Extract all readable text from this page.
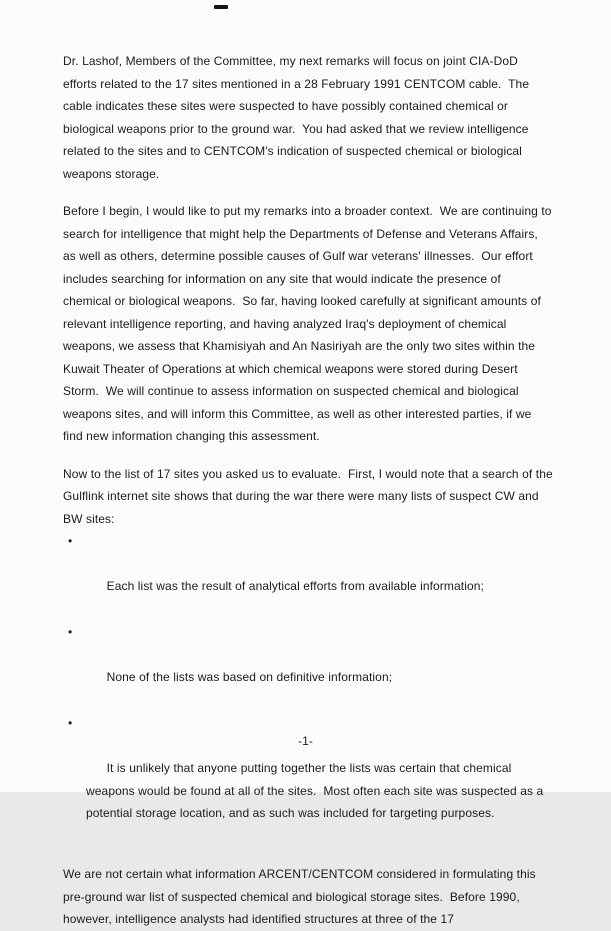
Dr. Lashof, Members of the Committee, my next remarks will focus on joint CIA-DoD efforts related to the 17 sites mentioned in a 28 February 1991 CENTCOM cable.  The cable indicates these sites were suspected to have possibly contained chemical or biological weapons prior to the ground war.  You had asked that we review intelligence related to the sites and to CENTCOM's indication of suspected chemical or biological weapons storage.

Before I begin, I would like to put my remarks into a broader context.  We are continuing to search for intelligence that might help the Departments of Defense and Veterans Affairs, as well as others, determine possible causes of Gulf war veterans' illnesses.  Our effort includes searching for information on any site that would indicate the presence of  chemical or biological weapons.  So far, having looked carefully at significant amounts of relevant intelligence reporting, and having analyzed Iraq's deployment of chemical weapons, we assess that Khamisiyah and An Nasiriyah are the only two sites within the Kuwait Theater of Operations at which chemical weapons were stored during Desert Storm.  We will continue to assess information on suspected chemical and biological weapons sites, and will inform this Committee, as well as other interested parties, if we find new information changing this assessment.

Now to the list of 17 sites you asked us to evaluate.  First, I would note that a search of the Gulflink internet site shows that during the war there were many lists of suspect CW and BW sites:

•

Each list was the result of analytical efforts from available information;

•

None of the lists was based on definitive information;

•

It is unlikely that anyone putting together the lists was certain that chemical weapons would be found at all of the sites.  Most often each site was suspected as a potential storage location, and as such was included for targeting purposes.

We are not certain what information ARCENT/CENTCOM considered in formulating this pre-ground war list of suspected chemical and biological storage sites.  Before 1990, however, intelligence analysts had identified structures at three of the 17

-1-
